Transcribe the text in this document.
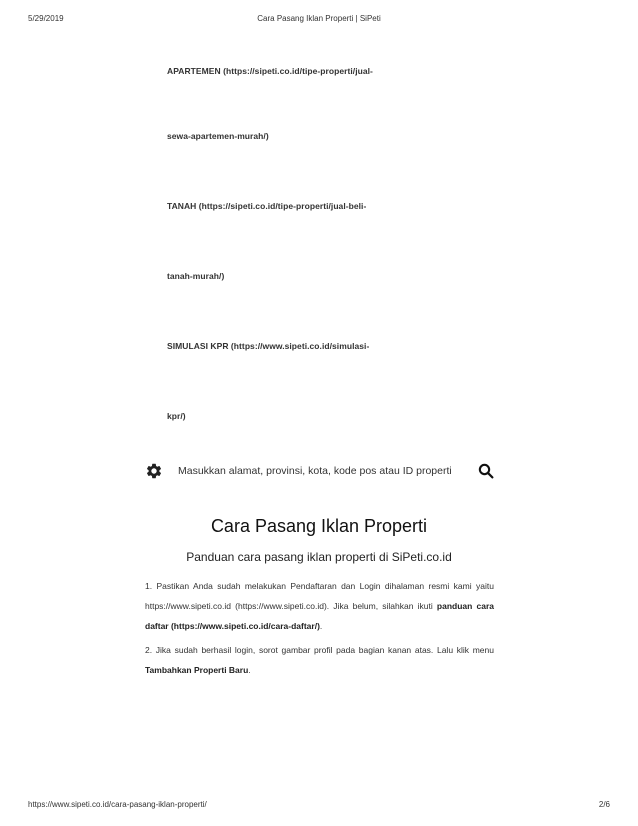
5/29/2019	Cara Pasang Iklan Properti | SiPeti
APARTEMEN (https://sipeti.co.id/tipe-properti/jual-
sewa-apartemen-murah/)
TANAH (https://sipeti.co.id/tipe-properti/jual-beli-
tanah-murah/)
SIMULASI KPR (https://www.sipeti.co.id/simulasi-
kpr/)
Masukkan alamat, provinsi, kota, kode pos atau ID properti
Cara Pasang Iklan Properti
Panduan cara pasang iklan properti di SiPeti.co.id
1. Pastikan Anda sudah melakukan Pendaftaran dan Login dihalaman resmi kami yaitu https://www.sipeti.co.id (https://www.sipeti.co.id). Jika belum, silahkan ikuti panduan cara daftar (https://www.sipeti.co.id/cara-daftar/).
2. Jika sudah berhasil login, sorot gambar profil pada bagian kanan atas. Lalu klik menu Tambahkan Properti Baru.
https://www.sipeti.co.id/cara-pasang-iklan-properti/	2/6
